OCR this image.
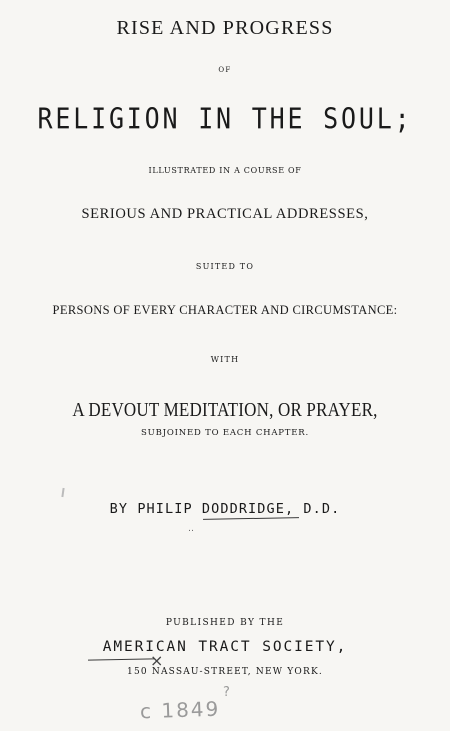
RISE AND PROGRESS
OF
RELIGION IN THE SOUL;
ILLUSTRATED IN A COURSE OF
SERIOUS AND PRACTICAL ADDRESSES,
SUITED TO
PERSONS OF EVERY CHARACTER AND CIRCUMSTANCE:
WITH
A DEVOUT MEDITATION, OR PRAYER,
SUBJOINED TO EACH CHAPTER.
BY PHILIP DODDRIDGE, D.D.
‥
PUBLISHED BY THE
AMERICAN TRACT SOCIETY,
×
150 NASSAU-STREET, NEW YORK.
c 1849
?
